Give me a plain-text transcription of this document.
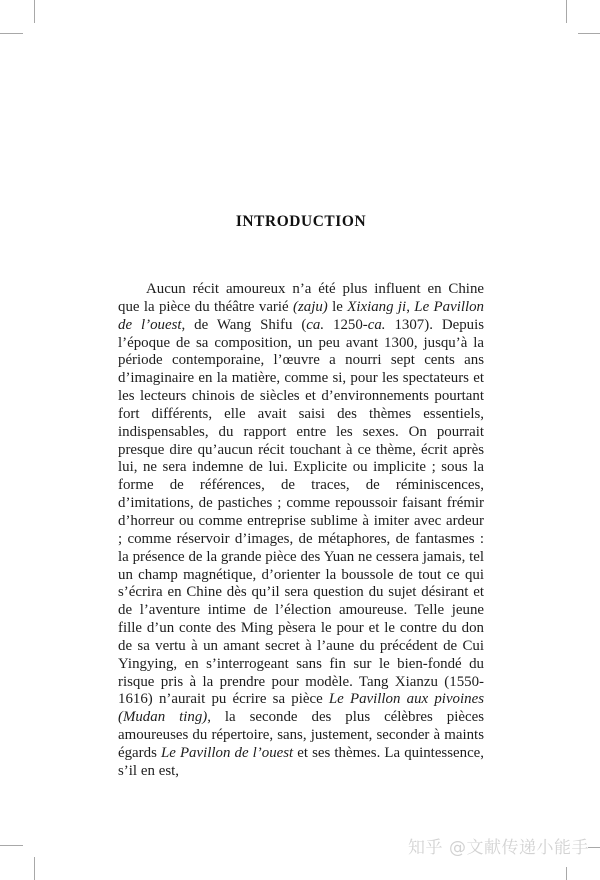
INTRODUCTION

Aucun récit amoureux n’a été plus influent en Chine que la pièce du théâtre varié (zaju) le Xixiang ji, Le Pavillon de l’ouest, de Wang Shifu (ca. 1250-ca. 1307). Depuis l’époque de sa composition, un peu avant 1300, jusqu’à la période contemporaine, l’œuvre a nourri sept cents ans d’imaginaire en la matière, comme si, pour les spectateurs et les lecteurs chinois de siècles et d’environnements pourtant fort différents, elle avait saisi des thèmes essentiels, indispensables, du rapport entre les sexes. On pourrait presque dire qu’aucun récit touchant à ce thème, écrit après lui, ne sera indemne de lui. Explicite ou implicite ; sous la forme de références, de traces, de réminiscences, d’imitations, de pastiches ; comme repoussoir faisant frémir d’horreur ou comme entreprise sublime à imiter avec ardeur ; comme réservoir d’images, de métaphores, de fantasmes : la présence de la grande pièce des Yuan ne cessera jamais, tel un champ magnétique, d’orienter la boussole de tout ce qui s’écrira en Chine dès qu’il sera question du sujet désirant et de l’aventure intime de l’élection amoureuse. Telle jeune fille d’un conte des Ming pèsera le pour et le contre du don de sa vertu à un amant secret à l’aune du précédent de Cui Yingying, en s’interrogeant sans fin sur le bien-fondé du risque pris à la prendre pour modèle. Tang Xianzu (1550-1616) n’aurait pu écrire sa pièce Le Pavillon aux pivoines (Mudan ting), la seconde des plus célèbres pièces amoureuses du répertoire, sans, justement, seconder à maints égards Le Pavillon de l’ouest et ses thèmes. La quintessence, s’il en est,

知乎 @文献传递小能手
